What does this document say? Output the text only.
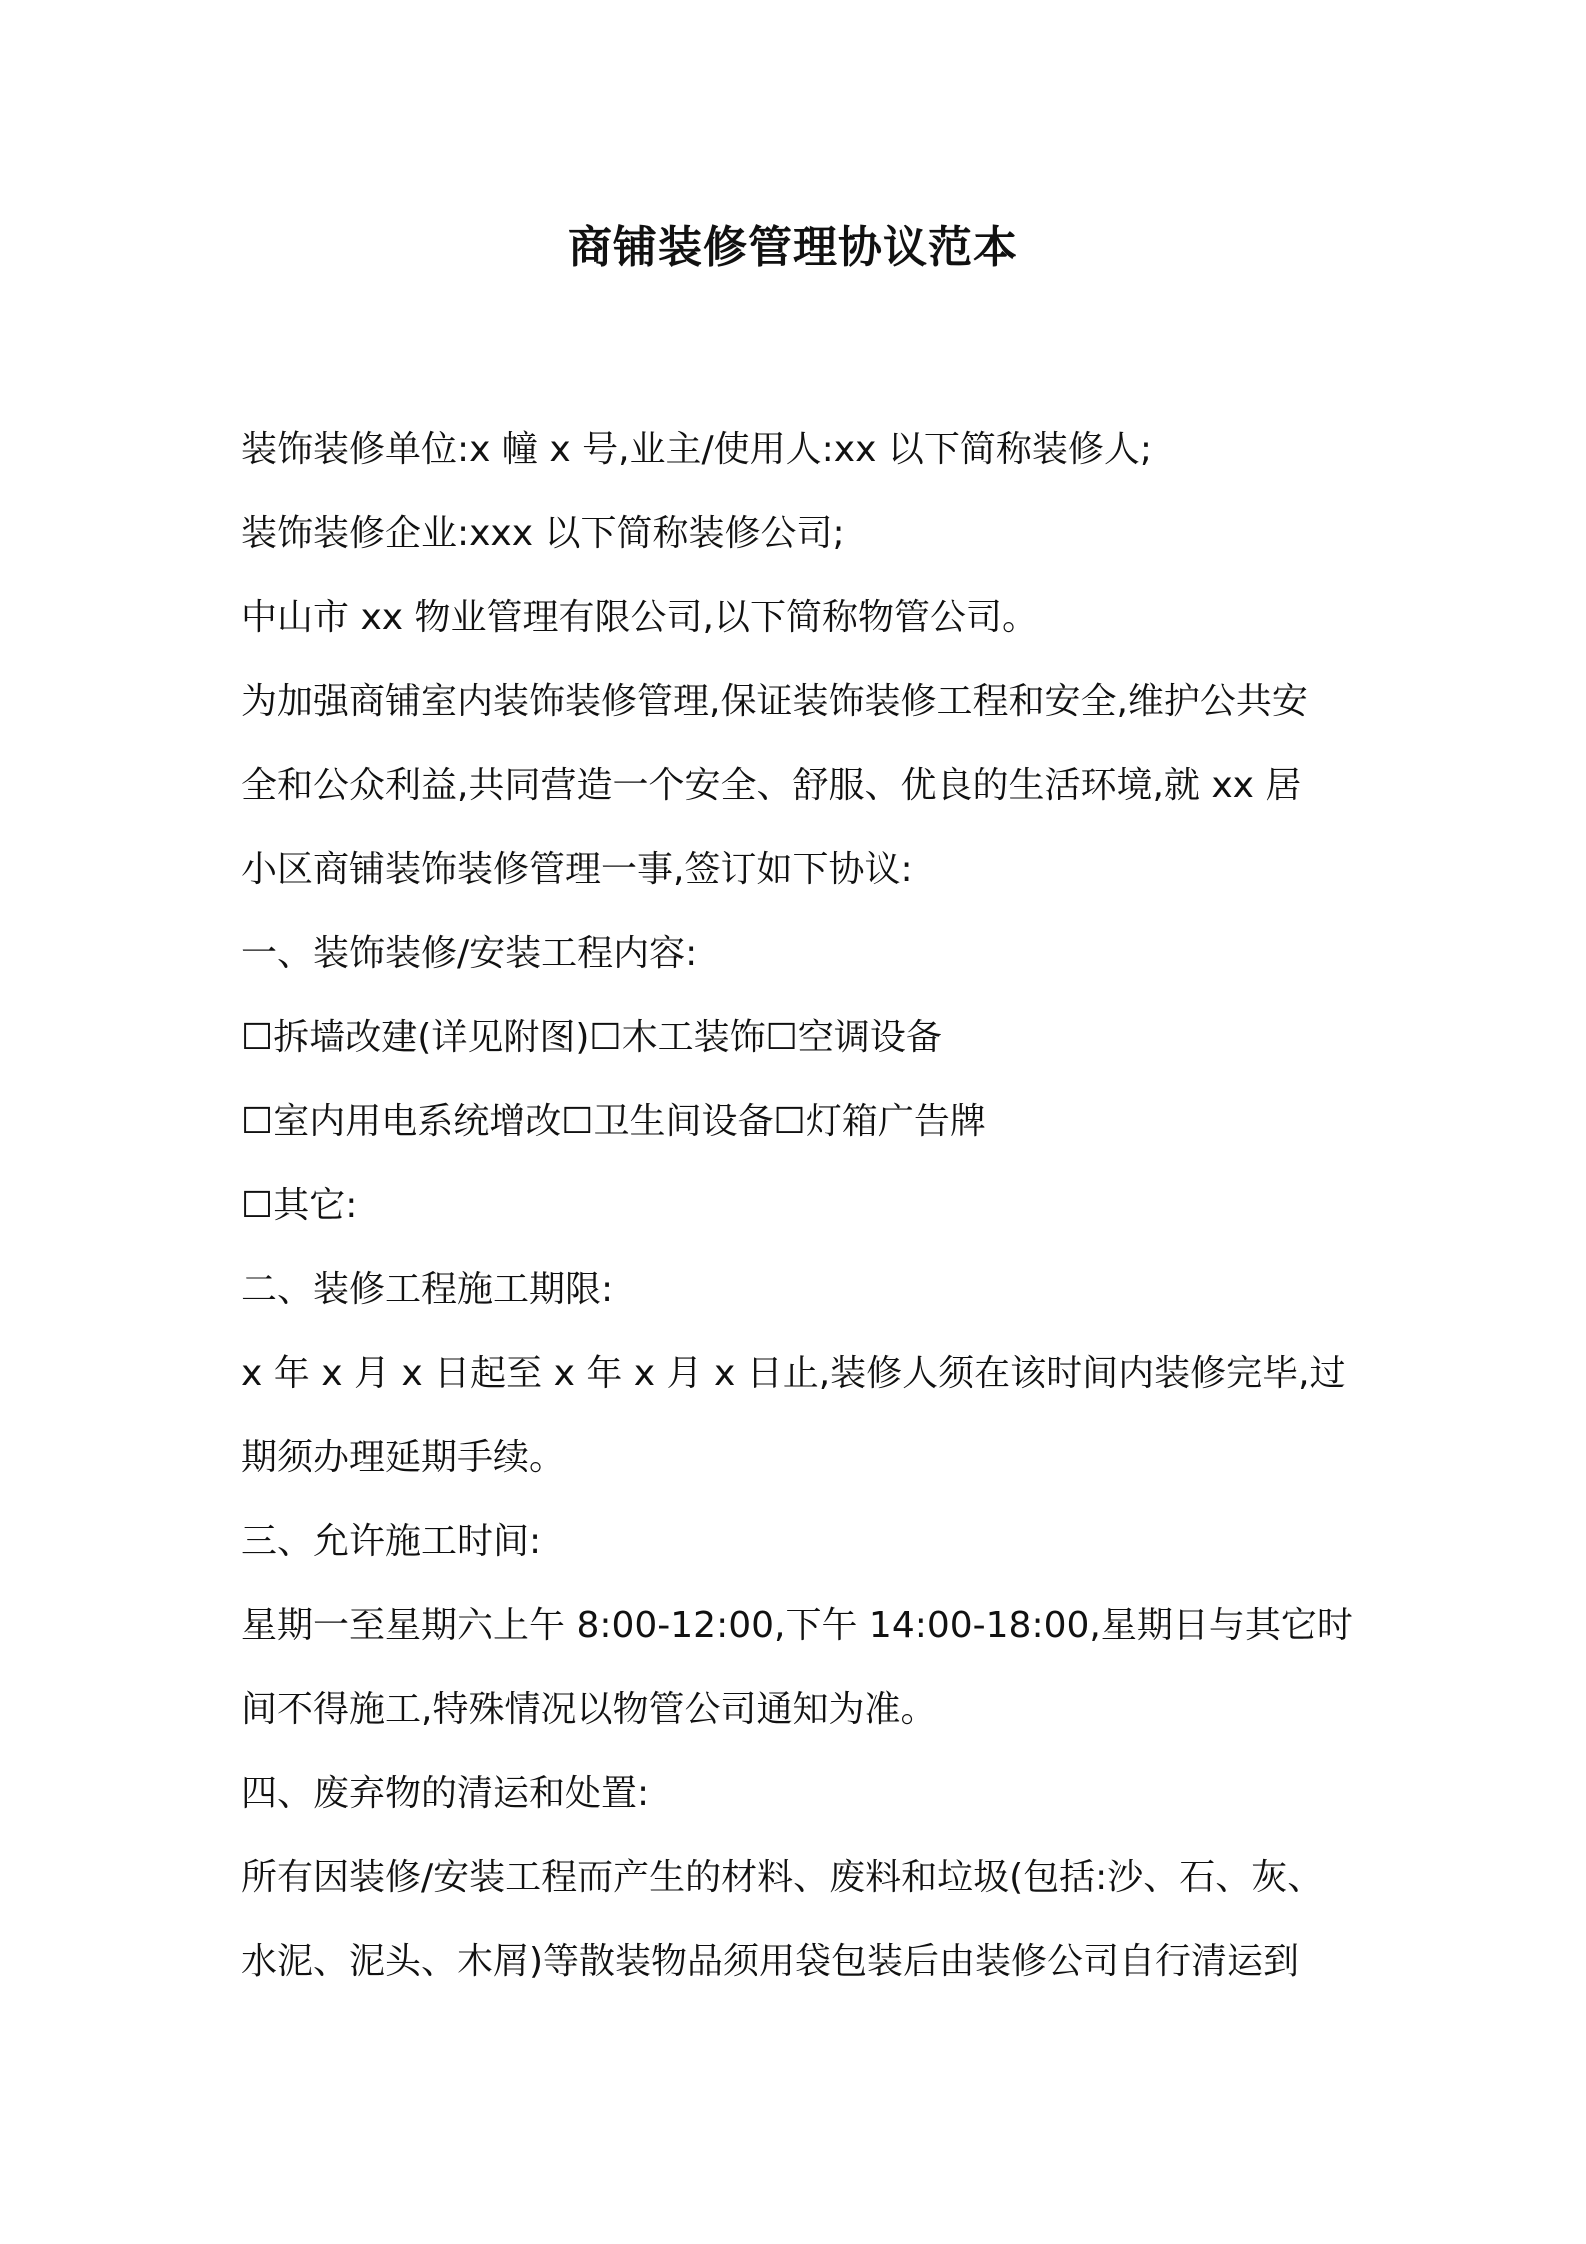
商铺装修管理协议范本
装饰装修单位:x 幢 x 号,业主/使用人:xx 以下简称装修人;
装饰装修企业:xxx 以下简称装修公司;
中山市 xx 物业管理有限公司,以下简称物管公司。
为加强商铺室内装饰装修管理,保证装饰装修工程和安全,维护公共安
全和公众利益,共同营造一个安全、舒服、优良的生活环境,就 xx 居
小区商铺装饰装修管理一事,签订如下协议:
一、装饰装修/安装工程内容:
☐拆墙改建(详见附图)☐木工装饰☐空调设备
☐室内用电系统增改☐卫生间设备☐灯箱广告牌
☐其它:
二、装修工程施工期限:
x 年 x 月 x 日起至 x 年 x 月 x 日止,装修人须在该时间内装修完毕,过
期须办理延期手续。
三、允许施工时间:
星期一至星期六上午 8:00-12:00,下午 14:00-18:00,星期日与其它时
间不得施工,特殊情况以物管公司通知为准。
四、废弃物的清运和处置:
所有因装修/安装工程而产生的材料、废料和垃圾(包括:沙、石、灰、
水泥、泥头、木屑)等散装物品须用袋包装后由装修公司自行清运到
